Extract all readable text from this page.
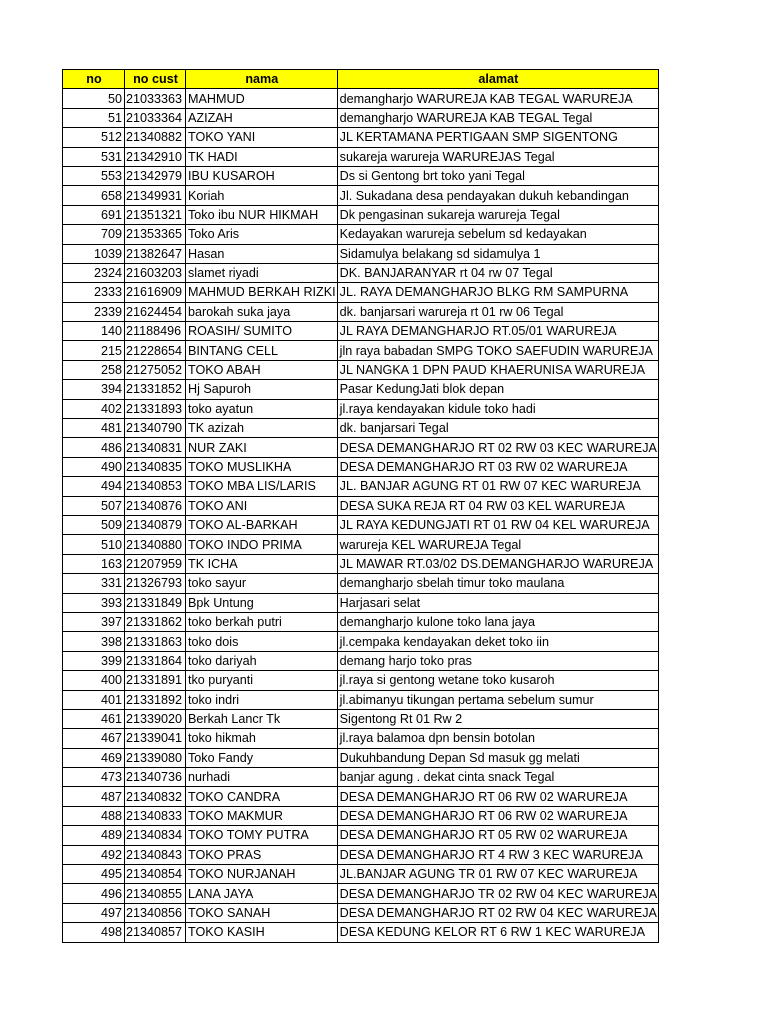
no	no cust	nama	alamat
50	21033363	MAHMUD	demangharjo WARUREJA KAB TEGAL WARUREJA
51	21033364	AZIZAH	demangharjo WARUREJA KAB TEGAL Tegal
512	21340882	TOKO YANI	JL KERTAMANA PERTIGAAN SMP SIGENTONG
531	21342910	TK HADI	sukareja warureja WARUREJAS Tegal
553	21342979	IBU KUSAROH	Ds si Gentong brt toko yani Tegal
658	21349931	Koriah	Jl. Sukadana desa pendayakan dukuh kebandingan
691	21351321	Toko ibu NUR HIKMAH	Dk pengasinan sukareja warureja Tegal
709	21353365	Toko Aris	Kedayakan warureja sebelum sd kedayakan
1039	21382647	Hasan	Sidamulya belakang sd sidamulya 1
2324	21603203	slamet riyadi	DK. BANJARANYAR rt 04 rw 07 Tegal
2333	21616909	MAHMUD BERKAH RIZKI	JL. RAYA DEMANGHARJO BLKG RM SAMPURNA
2339	21624454	barokah suka jaya	dk. banjarsari warureja rt 01 rw 06 Tegal
140	21188496	ROASIH/ SUMITO	JL RAYA DEMANGHARJO RT.05/01 WARUREJA
215	21228654	BINTANG CELL	jln raya babadan SMPG TOKO SAEFUDIN WARUREJA
258	21275052	TOKO ABAH	JL NANGKA 1 DPN PAUD KHAERUNISA WARUREJA
394	21331852	Hj Sapuroh	Pasar KedungJati blok depan
402	21331893	toko ayatun	jl.raya kendayakan kidule toko hadi
481	21340790	TK azizah	dk. banjarsari Tegal
486	21340831	NUR ZAKI	DESA DEMANGHARJO RT 02 RW 03 KEC WARUREJA
490	21340835	TOKO MUSLIKHA	DESA DEMANGHARJO RT 03 RW 02 WARUREJA
494	21340853	TOKO MBA LIS/LARIS	JL. BANJAR AGUNG RT 01 RW 07 KEC WARUREJA
507	21340876	TOKO ANI	DESA SUKA REJA RT 04 RW 03 KEL WARUREJA
509	21340879	TOKO AL-BARKAH	JL RAYA KEDUNGJATI RT 01 RW 04 KEL WARUREJA
510	21340880	TOKO INDO PRIMA	warureja KEL WARUREJA Tegal
163	21207959	TK ICHA	JL MAWAR RT.03/02 DS.DEMANGHARJO WARUREJA
331	21326793	toko sayur	demangharjo sbelah timur toko maulana
393	21331849	Bpk Untung	Harjasari selat
397	21331862	toko berkah putri	demangharjo kulone toko lana jaya
398	21331863	toko dois	jl.cempaka kendayakan deket toko iin
399	21331864	toko dariyah	demang harjo toko pras
400	21331891	tko puryanti	jl.raya si gentong wetane toko kusaroh
401	21331892	toko indri	jl.abimanyu tikungan pertama sebelum sumur
461	21339020	Berkah Lancr Tk	Sigentong Rt 01 Rw 2
467	21339041	toko hikmah	jl.raya balamoa dpn bensin botolan
469	21339080	Toko Fandy	Dukuhbandung Depan Sd masuk gg melati
473	21340736	nurhadi	banjar agung . dekat cinta snack Tegal
487	21340832	TOKO CANDRA	DESA DEMANGHARJO RT 06 RW 02 WARUREJA
488	21340833	TOKO MAKMUR	DESA DEMANGHARJO RT 06 RW 02 WARUREJA
489	21340834	TOKO TOMY PUTRA	DESA DEMANGHARJO RT 05 RW 02 WARUREJA
492	21340843	TOKO PRAS	DESA DEMANGHARJO RT 4 RW 3 KEC WARUREJA
495	21340854	TOKO NURJANAH	JL.BANJAR AGUNG TR 01 RW 07 KEC WARUREJA
496	21340855	LANA JAYA	DESA DEMANGHARJO TR 02 RW 04 KEC WARUREJA
497	21340856	TOKO SANAH	DESA DEMANGHARJO RT 02 RW 04 KEC WARUREJA
498	21340857	TOKO KASIH	DESA KEDUNG KELOR RT 6 RW 1 KEC WARUREJA
